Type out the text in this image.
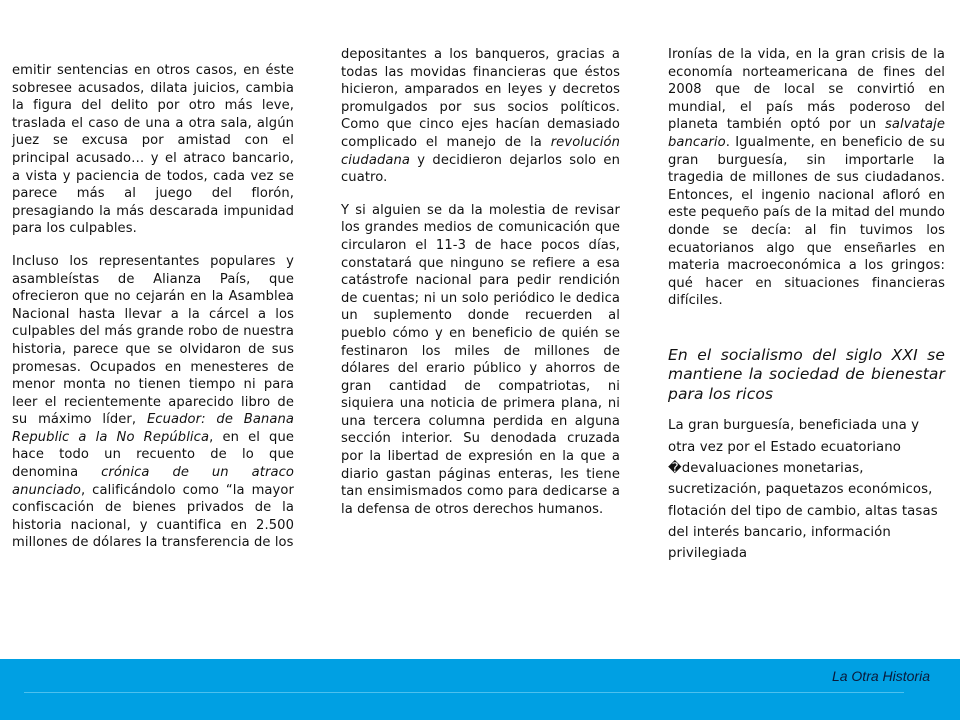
emitir sentencias en otros casos, en éste sobresee acusados, dilata juicios, cambia la figura del delito por otro más leve, traslada el caso de una a otra sala, algún juez se excusa por amistad con el principal acusado… y el atraco bancario, a vista y paciencia de todos, cada vez se parece más al juego del florón, presagiando la más descarada impunidad para los culpables.

Incluso los representantes populares y asambleístas de Alianza País, que ofrecieron que no cejarán en la Asamblea Nacional hasta llevar a la cárcel a los culpables del más grande robo de nuestra historia, parece que se olvidaron de sus promesas. Ocupados en menesteres de menor monta no tienen tiempo ni para leer el recientemente aparecido libro de su máximo líder, Ecuador: de Banana Republic a la No República, en el que hace todo un recuento de lo que denomina crónica de un atraco anunciado, calificándolo como “la mayor confiscación de bienes privados de la historia nacional, y cuantifica en 2.500 millones de dólares la transferencia de los

depositantes a los banqueros, gracias a todas las movidas financieras que éstos hicieron, amparados en leyes y decretos promulgados por sus socios políticos. Como que cinco ejes hacían demasiado complicado el manejo de la revolución ciudadana y decidieron dejarlos solo en cuatro.

Y si alguien se da la molestia de revisar los grandes medios de comunicación que circularon el 11-3 de hace pocos días, constatará que ninguno se refiere a esa catástrofe nacional para pedir rendición de cuentas; ni un solo periódico le dedica un suplemento donde recuerden al pueblo cómo y en beneficio de quién se festinaron los miles de millones de dólares del erario público y ahorros de gran cantidad de compatriotas, ni siquiera una noticia de primera plana, ni una tercera columna perdida en alguna sección interior. Su denodada cruzada por la libertad de expresión en la que a diario gastan páginas enteras, les tiene tan ensimismados como para dedicarse a la defensa de otros derechos humanos.

Ironías de la vida, en la gran crisis de la economía norteamericana de fines del 2008 que de local se convirtió en mundial, el país más poderoso del planeta también optó por un salvataje bancario. Igualmente, en beneficio de su gran burguesía, sin importarle la tragedia de millones de sus ciudadanos. Entonces, el ingenio nacional afloró en este pequeño país de la mitad del mundo donde se decía: al fin tuvimos los ecuatorianos algo que enseñarles en materia macroeconómica a los gringos: qué hacer en situaciones financieras difíciles.

En el socialismo del siglo XXI se mantiene la sociedad de bienestar para los ricos

La gran burguesía, beneficiada una y otra vez por el Estado ecuatoriano �devaluaciones monetarias, sucretización, paquetazos económicos, flotación del tipo de cambio, altas tasas del interés bancario, información privilegiada

La Otra Historia
